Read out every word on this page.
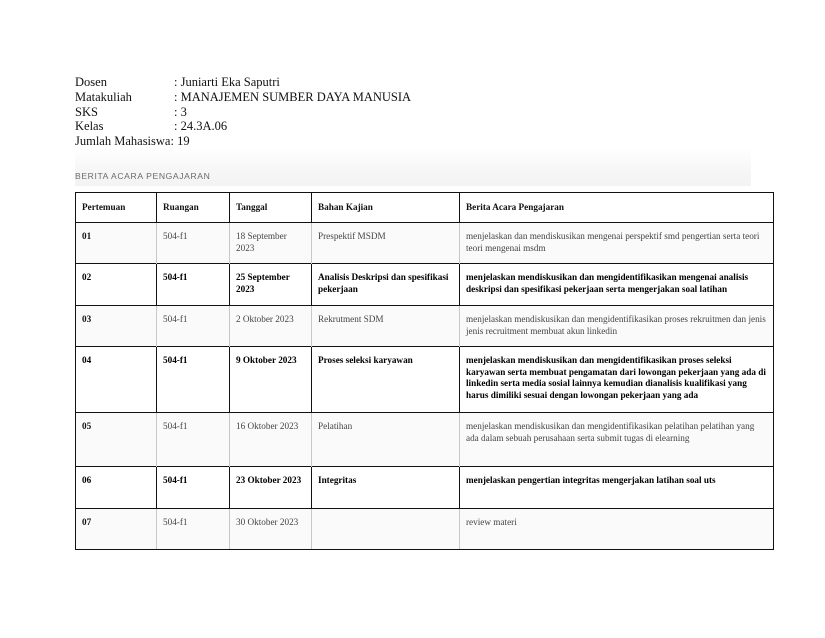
Dosen	: Juniarti Eka Saputri
Matakuliah	: MANAJEMEN SUMBER DAYA MANUSIA
SKS	: 3
Kelas	: 24.3A.06
Jumlah Mahasiswa : 19
BERITA ACARA PENGAJARAN
Pertemuan	Ruangan	Tanggal	Bahan Kajian	Berita Acara Pengajaran
01	504-f1	18 September 2023	Prespektif MSDM	menjelaskan dan mendiskusikan mengenai perspektif smd pengertian serta teori teori mengenai msdm
02	504-f1	25 September 2023	Analisis Deskripsi dan spesifikasi pekerjaan	menjelaskan mendiskusikan dan mengidentifikasikan mengenai analisis deskripsi dan spesifikasi pekerjaan serta mengerjakan soal latihan
03	504-f1	2 Oktober 2023	Rekrutment SDM	menjelaskan mendiskusikan dan mengidentifikasikan proses rekruitmen dan jenis jenis recruitment membuat akun linkedin
04	504-f1	9 Oktober 2023	Proses seleksi karyawan	menjelaskan mendiskusikan dan mengidentifikasikan proses seleksi karyawan serta membuat pengamatan dari lowongan pekerjaan yang ada di linkedin serta media sosial lainnya kemudian dianalisis kualifikasi yang harus dimiliki sesuai dengan lowongan pekerjaan yang ada
05	504-f1	16 Oktober 2023	Pelatihan	menjelaskan mendiskusikan dan mengidentifikasikan pelatihan pelatihan yang ada dalam sebuah perusahaan serta submit tugas di elearning
06	504-f1	23 Oktober 2023	Integritas	menjelaskan pengertian integritas mengerjakan latihan soal uts
07	504-f1	30 Oktober 2023		review materi
